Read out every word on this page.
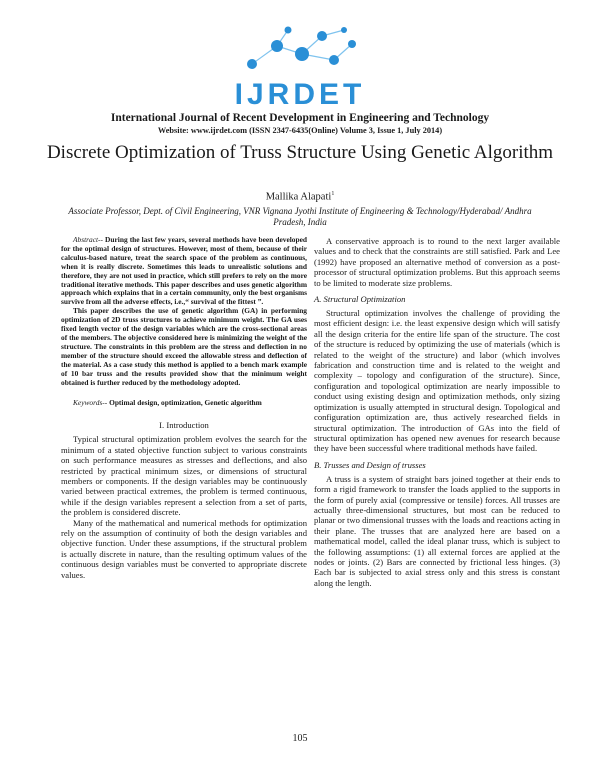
IJRDET
International Journal of Recent Development in Engineering and Technology
Website: www.ijrdet.com (ISSN 2347-6435(Online) Volume 3, Issue 1, July 2014)
Discrete Optimization of Truss Structure Using Genetic Algorithm
Mallika Alapati$^1$
Associate Professor, Dept. of Civil Engineering, VNR Vignana Jyothi Institute of Engineering & Technology/Hyderabad/ Andhra Pradesh, India

Abstract-- During the last few years, several methods have been developed for the optimal design of structures. However, most of them, because of their calculus-based nature, treat the search space of the problem as continuous, when it is really discrete. Sometimes this leads to unrealistic solutions and therefore, they are not used in practice, which still prefers to rely on the more traditional iterative methods. This paper describes and uses genetic algorithm approach which explains that in a certain community, only the best organisms survive from all the adverse effects, i.e.,“ survival of the fittest ”.

This paper describes the use of genetic algorithm (GA) in performing optimization of 2D truss structures to achieve minimum weight. The GA uses fixed length vector of the design variables which are the cross-sectional areas of the members. The objective considered here is minimizing the weight of the structure. The constraints in this problem are the stress and deflection in no member of the structure should exceed the allowable stress and deflection of the material. As a case study this method is applied to a bench mark example of 10 bar truss and the results provided show that the minimum weight obtained is further reduced by the methodology adopted.

Keywords-- Optimal design, optimization, Genetic algorithm

I. Introduction

Typical structural optimization problem evolves the search for the minimum of a stated objective function subject to various constraints on such performance measures as stresses and deflections, and also restricted by practical minimum sizes, or dimensions of structural members or components. If the design variables may be continuously varied between practical extremes, the problem is termed continuous, while if the design variables represent a selection from a set of parts, the problem is considered discrete.

Many of the mathematical and numerical methods for optimization rely on the assumption of continuity of both the design variables and objective function. Under these assumptions, if the structural problem is actually discrete in nature, than the resulting optimum values of the continuous design variables must be converted to appropriate discrete values.

A conservative approach is to round to the next larger available values and to check that the constraints are still satisfied. Park and Lee (1992) have proposed an alternative method of conversion as a post-processor of structural optimization problems. But this approach seems to be limited to moderate size problems.

A. Structural Optimization

Structural optimization involves the challenge of providing the most efficient design: i.e. the least expensive design which will satisfy all the design criteria for the entire life span of the structure. The cost of the structure is reduced by optimizing the use of materials (which is related to the weight of the structure) and labor (which involves fabrication and construction time and is related to the weight and complexity – topology and configuration of the structure). Since, configuration and topological optimization are nearly impossible to conduct using existing design and optimization methods, only sizing optimization is usually attempted in structural design. Topological and configuration optimization are, thus actively researched fields in structural optimization. The introduction of GAs into the field of structural optimization has opened new avenues for research because they have been successful where traditional methods have failed.

B. Trusses and Design of trusses

A truss is a system of straight bars joined together at their ends to form a rigid framework to transfer the loads applied to the supports in the form of purely axial (compressive or tensile) forces. All trusses are actually three-dimensional structures, but most can be reduced to planar or two dimensional trusses with the loads and reactions acting in their plane. The trusses that are analyzed here are based on a mathematical model, called the ideal planar truss, which is subject to the following assumptions: (1) all external forces are applied at the nodes or joints. (2) Bars are connected by frictional less hinges. (3) Each bar is subjected to axial stress only and this stress is constant along the length.

105
